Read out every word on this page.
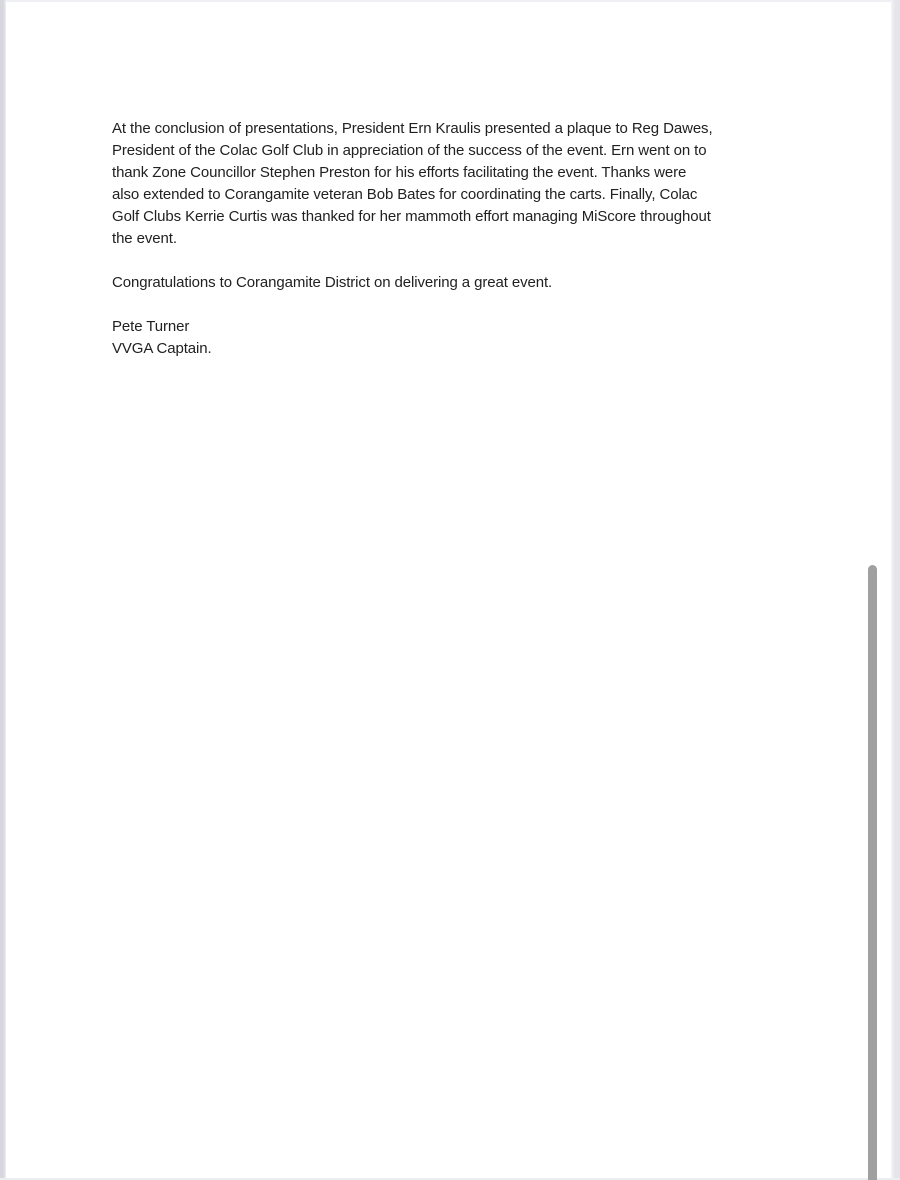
At the conclusion of presentations, President Ern Kraulis presented a plaque to Reg Dawes,
President of the Colac Golf Club in appreciation of the success of the event. Ern went on to
thank Zone Councillor Stephen Preston for his efforts facilitating the event. Thanks were
also extended to Corangamite veteran Bob Bates for coordinating the carts. Finally, Colac
Golf Clubs Kerrie Curtis was thanked for her mammoth effort managing MiScore throughout
the event.
Congratulations to Corangamite District on delivering a great event.
Pete Turner
VVGA Captain.
